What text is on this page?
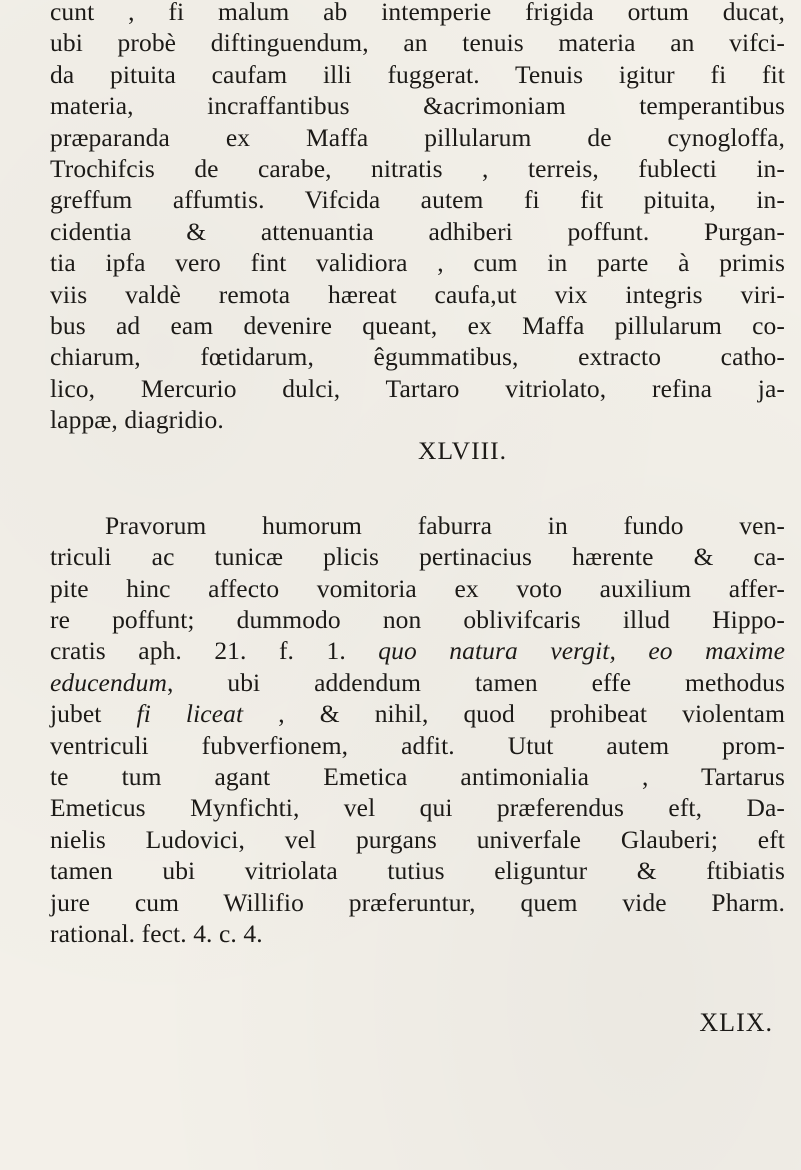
cunt , fi malum ab intemperie frigida ortum ducat,
ubi probè diftinguendum, an tenuis materia an vifci-
da pituita caufam illi fuggerat. Tenuis igitur fi fit
materia, incraffantibus &acrimoniam temperantibus
præparanda ex Maffa pillularum de cynogloffa,
Trochifcis de carabe, nitratis , terreis, fublecti in-
greffum affumtis. Vifcida autem fi fit pituita, in-
cidentia & attenuantia adhiberi poffunt. Purgan-
tia ipfa vero fint validiora , cum in parte à primis
viis valdè remota hæreat caufa,ut vix integris viri-
bus ad eam devenire queant, ex Maffa pillularum co-
chiarum, fœtidarum, êgummatibus, extracto catho-
lico, Mercurio dulci, Tartaro vitriolato, refina ja-
lappæ, diagridio.
XLVIII.
Pravorum humorum faburra in fundo ven-
triculi ac tunicæ plicis pertinacius hærente & ca-
pite hinc affecto vomitoria ex voto auxilium affer-
re poffunt; dummodo non oblivifcaris illud Hippo-
cratis aph. 21. f. 1. quo natura vergit, eo maxime
educendum, ubi addendum tamen effe methodus
jubet fi liceat , & nihil, quod prohibeat violentam
ventriculi fubverfionem, adfit. Utut autem prom-
te tum agant Emetica antimonialia , Tartarus
Emeticus Mynfichti, vel qui præferendus eft, Da-
nielis Ludovici, vel purgans univerfale Glauberi; eft
tamen ubi vitriolata tutius eliguntur & ftibiatis
jure cum Willifio præferuntur, quem vide Pharm.
rational. fect. 4. c. 4.
XLIX.
